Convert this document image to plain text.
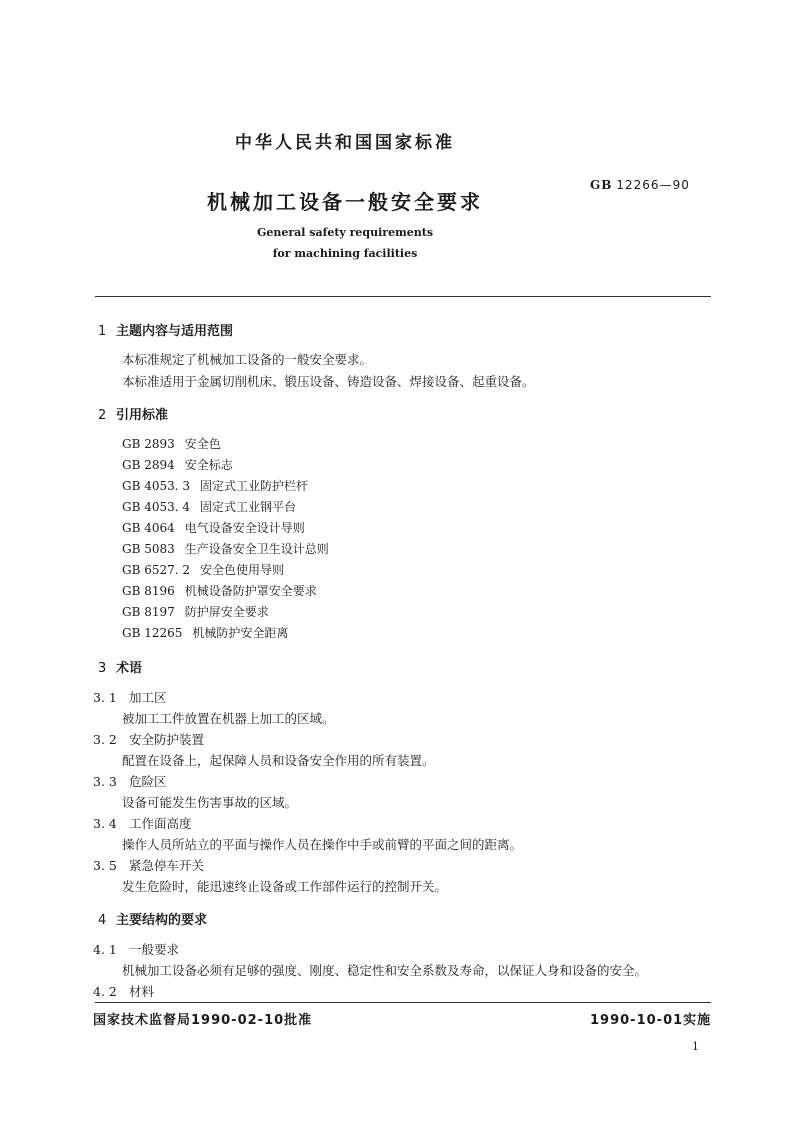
中华人民共和国国家标准
机械加工设备一般安全要求
GB 12266—90
General safety requirements
for machining facilities
1 主题内容与适用范围
本标准规定了机械加工设备的一般安全要求。
本标准适用于金属切削机床、锻压设备、铸造设备、焊接设备、起重设备。
2 引用标准
GB 2893 安全色
GB 2894 安全标志
GB 4053. 3 固定式工业防护栏杆
GB 4053. 4 固定式工业钢平台
GB 4064 电气设备安全设计导则
GB 5083 生产设备安全卫生设计总则
GB 6527. 2 安全色使用导则
GB 8196 机械设备防护罩安全要求
GB 8197 防护屏安全要求
GB 12265 机械防护安全距离
3 术语
3. 1 加工区
被加工工件放置在机器上加工的区域。
3. 2 安全防护装置
配置在设备上，起保障人员和设备安全作用的所有装置。
3. 3 危险区
设备可能发生伤害事故的区域。
3. 4 工作面高度
操作人员所站立的平面与操作人员在操作中手或前臂的平面之间的距离。
3. 5 紧急停车开关
发生危险时，能迅速终止设备或工作部件运行的控制开关。
4 主要结构的要求
4. 1 一般要求
机械加工设备必须有足够的强度、刚度、稳定性和安全系数及寿命，以保证人身和设备的安全。
4. 2 材料
国家技术监督局1990-02-10批准	1990-10-01实施
1
